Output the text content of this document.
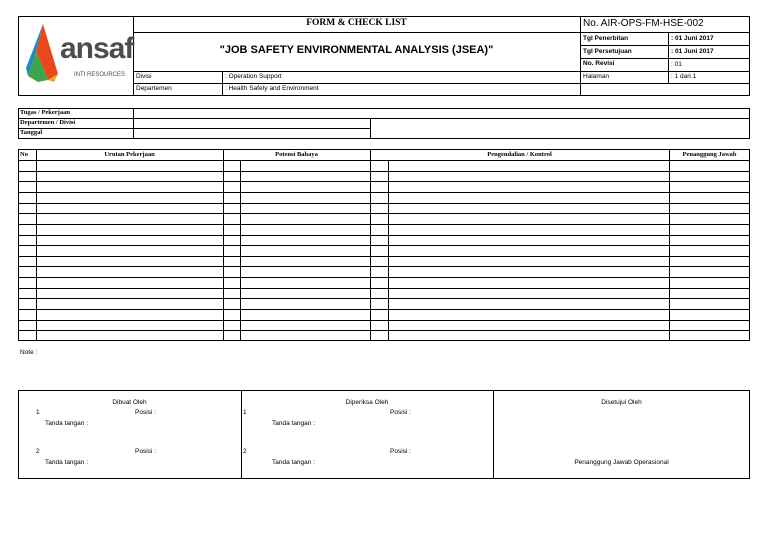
ansaf
INTI RESOURCES
FORM & CHECK LIST
"JOB SAFETY ENVIRONMENTAL ANALYSIS (JSEA)"
No. AIR-OPS-FM-HSE-002
Tgl Penerbitan	: 01 Juni 2017
Tgl Persetujuan	: 01 Juni 2017
No. Revisi	: 01
Halaman	: 1 dari 1
Divisi	: Operation Support
Departemen	: Health Safety and Environment
Tugas / Pekerjaan
Departemen / Divisi
Tanggal
No	Urutan Pekerjaan	Potensi Bahaya	Pengendalian / Kontrol	Penanggung Jawab
Note :
Dibuat Oleh
1	Posisi :
Tanda tangan :
2	Posisi :
Tanda tangan :
Diperiksa Oleh
1	Posisi :
Tanda tangan :
2	Posisi :
Tanda tangan :
Disetujui Oleh
Penanggung Jawab Operasional
